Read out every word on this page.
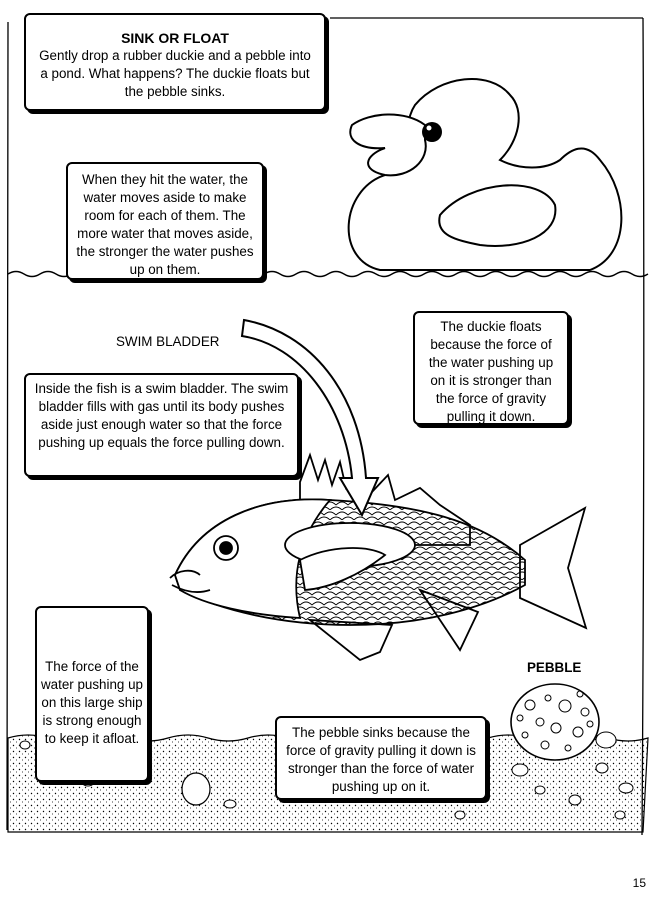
SINK OR FLOAT
Gently drop a rubber duckie and a pebble into a pond. What happens? The duckie floats but the pebble sinks.
When they hit the water, the water moves aside to make room for each of them. The more water that moves aside, the stronger the water pushes up on them.
The duckie floats because the force of the water pushing up on it is stronger than the force of gravity pulling it down.
SWIM BLADDER
Inside the fish is a swim bladder. The swim bladder fills with gas until its body pushes aside just enough water so that the force pushing up equals the force pulling down.
The force of the water pushing up on this large ship is strong enough to keep it afloat.
PEBBLE
The pebble sinks because the force of gravity pulling it down is stronger than the force of water pushing up on it.
15
